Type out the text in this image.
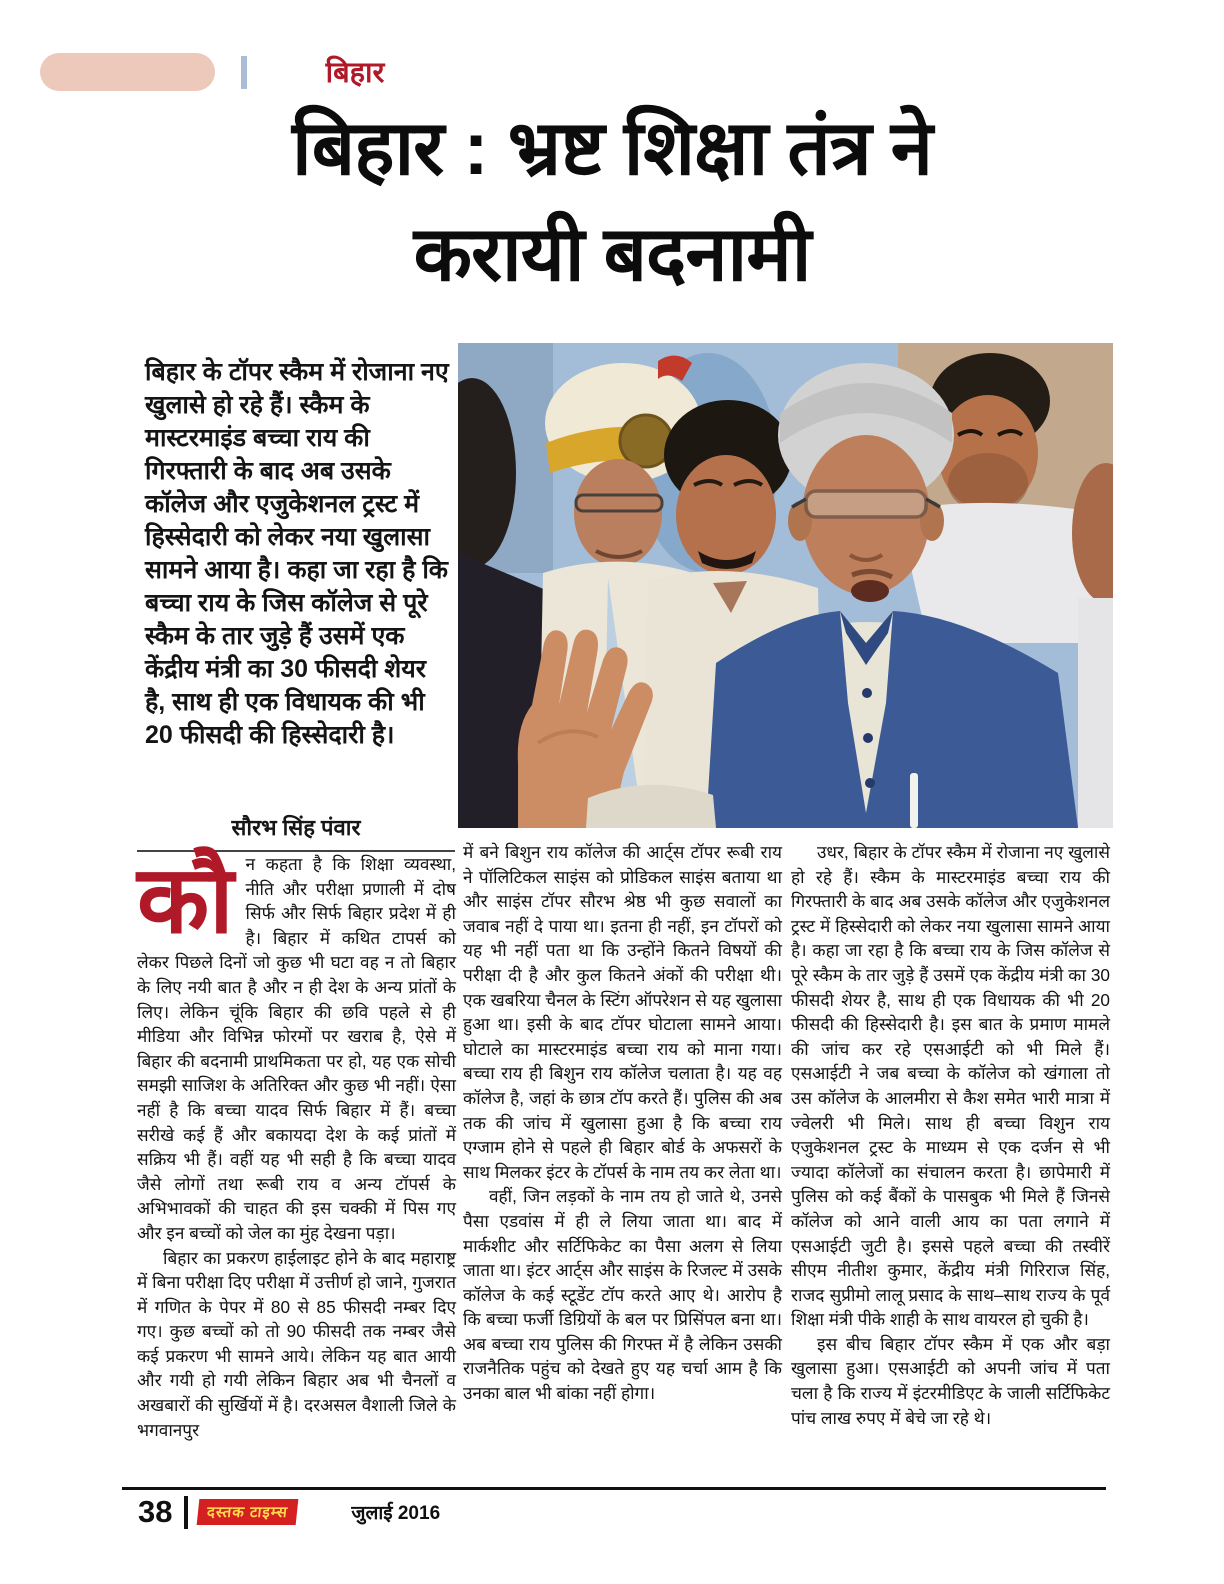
बिहार
बिहार : भ्रष्ट शिक्षा तंत्र ने
करायी बदनामी
बिहार के टॉपर स्कैम में रोजाना नए खुलासे हो रहे हैं। स्कैम के मास्टरमाइंड बच्चा राय की गिरफ्तारी के बाद अब उसके कॉलेज और एजुकेशनल ट्रस्ट में हिस्सेदारी को लेकर नया खुलासा सामने आया है। कहा जा रहा है कि बच्चा राय के जिस कॉलेज से पूरे स्कैम के तार जुड़े हैं उसमें एक केंद्रीय मंत्री का 30 फीसदी शेयर है, साथ ही एक विधायक की भी 20 फीसदी की हिस्सेदारी है।
सौरभ सिंह पंवार

कौन कहता है कि शिक्षा व्यवस्था, नीति और परीक्षा प्रणाली में दोष सिर्फ और सिर्फ बिहार प्रदेश में ही है। बिहार में कथित टापर्स को लेकर पिछले दिनों जो कुछ भी घटा वह न तो बिहार के लिए नयी बात है और न ही देश के अन्य प्रांतों के लिए। लेकिन चूंकि बिहार की छवि पहले से ही मीडिया और विभिन्न फोरमों पर खराब है, ऐसे में बिहार की बदनामी प्राथमिकता पर हो, यह एक सोची समझी साजिश के अतिरिक्त और कुछ भी नहीं। ऐसा नहीं है कि बच्चा यादव सिर्फ बिहार में हैं। बच्चा सरीखे कई हैं और बकायदा देश के कई प्रांतों में सक्रिय भी हैं। वहीं यह भी सही है कि बच्चा यादव जैसे लोगों तथा रूबी राय व अन्य टॉपर्स के अभिभावकों की चाहत की इस चक्की में पिस गए और इन बच्चों को जेल का मुंह देखना पड़ा।

बिहार का प्रकरण हाईलाइट होने के बाद महाराष्ट्र में बिना परीक्षा दिए परीक्षा में उत्तीर्ण हो जाने, गुजरात में गणित के पेपर में 80 से 85 फीसदी नम्बर दिए गए। कुछ बच्चों को तो 90 फीसदी तक नम्बर जैसे कई प्रकरण भी सामने आये। लेकिन यह बात आयी और गयी हो गयी लेकिन बिहार अब भी चैनलों व अखबारों की सुर्खियों में है। दरअसल वैशाली जिले के भगवानपुर

में बने बिशुन राय कॉलेज की आर्ट्स टॉपर रूबी राय ने पॉलिटिकल साइंस को प्रोडिकल साइंस बताया था और साइंस टॉपर सौरभ श्रेष्ठ भी कुछ सवालों का जवाब नहीं दे पाया था। इतना ही नहीं, इन टॉपरों को यह भी नहीं पता था कि उन्होंने कितने विषयों की परीक्षा दी है और कुल कितने अंकों की परीक्षा थी। एक खबरिया चैनल के स्टिंग ऑपरेशन से यह खुलासा हुआ था। इसी के बाद टॉपर घोटाला सामने आया। घोटाले का मास्टरमाइंड बच्चा राय को माना गया। बच्चा राय ही बिशुन राय कॉलेज चलाता है। यह वह कॉलेज है, जहां के छात्र टॉप करते हैं। पुलिस की अब तक की जांच में खुलासा हुआ है कि बच्चा राय एग्जाम होने से पहले ही बिहार बोर्ड के अफसरों के साथ मिलकर इंटर के टॉपर्स के नाम तय कर लेता था।

वहीं, जिन लड़कों के नाम तय हो जाते थे, उनसे पैसा एडवांस में ही ले लिया जाता था। बाद में मार्कशीट और सर्टिफिकेट का पैसा अलग से लिया जाता था। इंटर आर्ट्स और साइंस के रिजल्ट में उसके कॉलेज के कई स्टूडेंट टॉप करते आए थे। आरोप है कि बच्चा फर्जी डिग्रियों के बल पर प्रिसिंपल बना था। अब बच्चा राय पुलिस की गिरफ्त में है लेकिन उसकी राजनैतिक पहुंच को देखते हुए यह चर्चा आम है कि उनका बाल भी बांका नहीं होगा।

उधर, बिहार के टॉपर स्कैम में रोजाना नए खुलासे हो रहे हैं। स्कैम के मास्टरमाइंड बच्चा राय की गिरफ्तारी के बाद अब उसके कॉलेज और एजुकेशनल ट्रस्ट में हिस्सेदारी को लेकर नया खुलासा सामने आया है। कहा जा रहा है कि बच्चा राय के जिस कॉलेज से पूरे स्कैम के तार जुड़े हैं उसमें एक केंद्रीय मंत्री का 30 फीसदी शेयर है, साथ ही एक विधायक की भी 20 फीसदी की हिस्सेदारी है। इस बात के प्रमाण मामले की जांच कर रहे एसआईटी को भी मिले हैं। एसआईटी ने जब बच्चा के कॉलेज को खंगाला तो उस कॉलेज के आलमीरा से कैश समेत भारी मात्रा में ज्वेलरी भी मिले। साथ ही बच्चा विशुन राय एजुकेशनल ट्रस्ट के माध्यम से एक दर्जन से भी ज्यादा कॉलेजों का संचालन करता है। छापेमारी में पुलिस को कई बैंकों के पासबुक भी मिले हैं जिनसे कॉलेज को आने वाली आय का पता लगाने में एसआईटी जुटी है। इससे पहले बच्चा की तस्वीरें सीएम नीतीश कुमार, केंद्रीय मंत्री गिरिराज सिंह, राजद सुप्रीमो लालू प्रसाद के साथ–साथ राज्य के पूर्व शिक्षा मंत्री पीके शाही के साथ वायरल हो चुकी है।

इस बीच बिहार टॉपर स्कैम में एक और बड़ा खुलासा हुआ। एसआईटी को अपनी जांच में पता चला है कि राज्य में इंटरमीडिएट के जाली सर्टिफिकेट पांच लाख रुपए में बेचे जा रहे थे।

38	दस्तक टाइम्स	जुलाई 2016
